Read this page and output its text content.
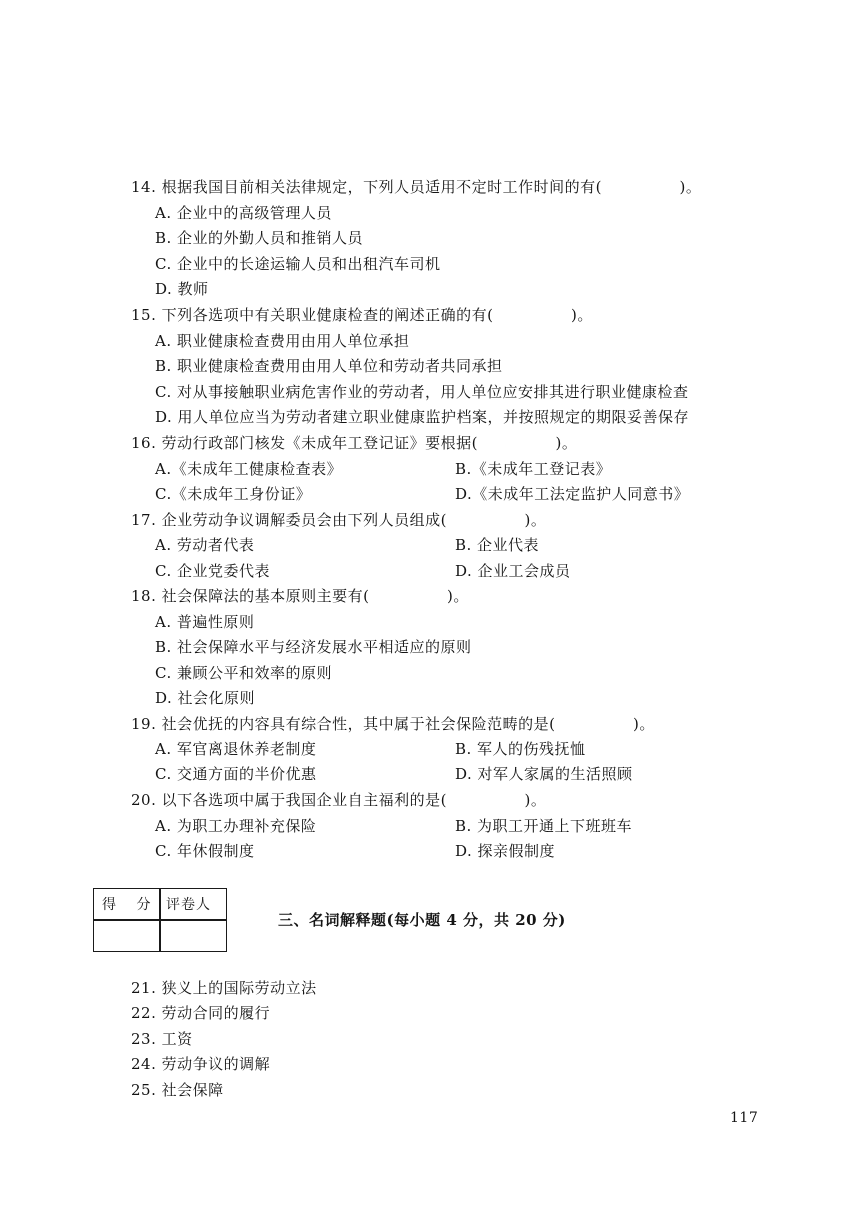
14. 根据我国目前相关法律规定，下列人员适用不定时工作时间的有(　　　　　)。
A. 企业中的高级管理人员
B. 企业的外勤人员和推销人员
C. 企业中的长途运输人员和出租汽车司机
D. 教师
15. 下列各选项中有关职业健康检查的阐述正确的有(　　　　　)。
A. 职业健康检查费用由用人单位承担
B. 职业健康检查费用由用人单位和劳动者共同承担
C. 对从事接触职业病危害作业的劳动者，用人单位应安排其进行职业健康检查
D. 用人单位应当为劳动者建立职业健康监护档案，并按照规定的期限妥善保存
16. 劳动行政部门核发《未成年工登记证》要根据(　　　　　)。
A.《未成年工健康检查表》	B.《未成年工登记表》
C.《未成年工身份证》	D.《未成年工法定监护人同意书》
17. 企业劳动争议调解委员会由下列人员组成(　　　　　)。
A. 劳动者代表	B. 企业代表
C. 企业党委代表	D. 企业工会成员
18. 社会保障法的基本原则主要有(　　　　　)。
A. 普遍性原则
B. 社会保障水平与经济发展水平相适应的原则
C. 兼顾公平和效率的原则
D. 社会化原则
19. 社会优抚的内容具有综合性，其中属于社会保险范畴的是(　　　　　)。
A. 军官离退休养老制度	B. 军人的伤残抚恤
C. 交通方面的半价优惠	D. 对军人家属的生活照顾
20. 以下各选项中属于我国企业自主福利的是(　　　　　)。
A. 为职工办理补充保险	B. 为职工开通上下班班车
C. 年休假制度	D. 探亲假制度
得 分 评卷人
三、名词解释题(每小题 4 分，共 20 分)
21. 狭义上的国际劳动立法
22. 劳动合同的履行
23. 工资
24. 劳动争议的调解
25. 社会保障
117
